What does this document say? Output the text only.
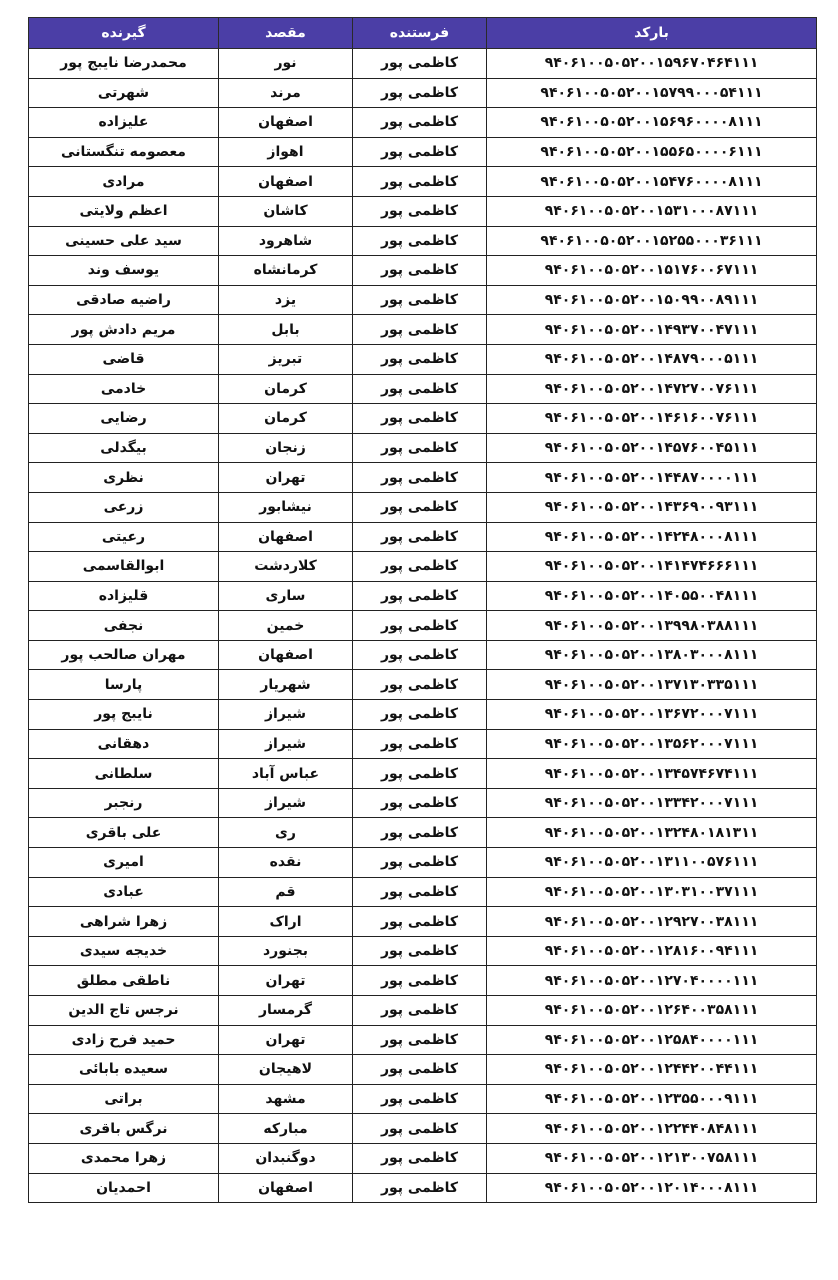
بارکد	فرستنده	مقصد	گیرنده
۹۴۰۶۱۰۰۵۰۵۲۰۰۱۵۹۶۷۰۴۶۴۱۱۱	کاظمی پور	نور	محمدرضا نایبج پور
۹۴۰۶۱۰۰۵۰۵۲۰۰۱۵۷۹۹۰۰۰۵۴۱۱۱	کاظمی پور	مرند	شهرتی
۹۴۰۶۱۰۰۵۰۵۲۰۰۱۵۶۹۶۰۰۰۰۸۱۱۱	کاظمی پور	اصفهان	علیزاده
۹۴۰۶۱۰۰۵۰۵۲۰۰۱۵۵۶۵۰۰۰۰۶۱۱۱	کاظمی پور	اهواز	معصومه تنگستانی
۹۴۰۶۱۰۰۵۰۵۲۰۰۱۵۴۷۶۰۰۰۰۸۱۱۱	کاظمی پور	اصفهان	مرادی
۹۴۰۶۱۰۰۵۰۵۲۰۰۱۵۳۱۰۰۰۸۷۱۱۱	کاظمی پور	کاشان	اعظم ولایتی
۹۴۰۶۱۰۰۵۰۵۲۰۰۱۵۲۵۵۰۰۰۳۶۱۱۱	کاظمی پور	شاهرود	سید علی حسینی
۹۴۰۶۱۰۰۵۰۵۲۰۰۱۵۱۷۶۰۰۶۷۱۱۱	کاظمی پور	کرمانشاه	یوسف وند
۹۴۰۶۱۰۰۵۰۵۲۰۰۱۵۰۹۹۰۰۸۹۱۱۱	کاظمی پور	یزد	راضیه صادقی
۹۴۰۶۱۰۰۵۰۵۲۰۰۱۴۹۳۷۰۰۴۷۱۱۱	کاظمی پور	بابل	مریم دادش پور
۹۴۰۶۱۰۰۵۰۵۲۰۰۱۴۸۷۹۰۰۰۵۱۱۱	کاظمی پور	تبریز	قاضی
۹۴۰۶۱۰۰۵۰۵۲۰۰۱۴۷۲۷۰۰۷۶۱۱۱	کاظمی پور	کرمان	خادمی
۹۴۰۶۱۰۰۵۰۵۲۰۰۱۴۶۱۶۰۰۷۶۱۱۱	کاظمی پور	کرمان	رضایی
۹۴۰۶۱۰۰۵۰۵۲۰۰۱۴۵۷۶۰۰۴۵۱۱۱	کاظمی پور	زنجان	بیگدلی
۹۴۰۶۱۰۰۵۰۵۲۰۰۱۴۴۸۷۰۰۰۰۱۱۱	کاظمی پور	تهران	نظری
۹۴۰۶۱۰۰۵۰۵۲۰۰۱۴۳۶۹۰۰۹۳۱۱۱	کاظمی پور	نیشابور	زرعی
۹۴۰۶۱۰۰۵۰۵۲۰۰۱۴۲۴۸۰۰۰۸۱۱۱	کاظمی پور	اصفهان	رعیتی
۹۴۰۶۱۰۰۵۰۵۲۰۰۱۴۱۴۷۴۶۶۶۱۱۱	کاظمی پور	کلاردشت	ابوالقاسمی
۹۴۰۶۱۰۰۵۰۵۲۰۰۱۴۰۵۵۰۰۴۸۱۱۱	کاظمی پور	ساری	قلیزاده
۹۴۰۶۱۰۰۵۰۵۲۰۰۱۳۹۹۸۰۳۸۸۱۱۱	کاظمی پور	خمین	نجفی
۹۴۰۶۱۰۰۵۰۵۲۰۰۱۳۸۰۳۰۰۰۸۱۱۱	کاظمی پور	اصفهان	مهران صالحب پور
۹۴۰۶۱۰۰۵۰۵۲۰۰۱۳۷۱۳۰۳۳۵۱۱۱	کاظمی پور	شهریار	پارسا
۹۴۰۶۱۰۰۵۰۵۲۰۰۱۳۶۷۲۰۰۰۷۱۱۱	کاظمی پور	شیراز	نایبج پور
۹۴۰۶۱۰۰۵۰۵۲۰۰۱۳۵۶۲۰۰۰۷۱۱۱	کاظمی پور	شیراز	دهقانی
۹۴۰۶۱۰۰۵۰۵۲۰۰۱۳۴۵۷۴۶۷۴۱۱۱	کاظمی پور	عباس آباد	سلطانی
۹۴۰۶۱۰۰۵۰۵۲۰۰۱۳۳۴۲۰۰۰۷۱۱۱	کاظمی پور	شیراز	رنجبر
۹۴۰۶۱۰۰۵۰۵۲۰۰۱۳۲۴۸۰۱۸۱۳۱۱	کاظمی پور	ری	علی باقری
۹۴۰۶۱۰۰۵۰۵۲۰۰۱۳۱۱۰۰۵۷۶۱۱۱	کاظمی پور	نقده	امیری
۹۴۰۶۱۰۰۵۰۵۲۰۰۱۳۰۳۱۰۰۳۷۱۱۱	کاظمی پور	قم	عبادی
۹۴۰۶۱۰۰۵۰۵۲۰۰۱۲۹۲۷۰۰۳۸۱۱۱	کاظمی پور	اراک	زهرا شراهی
۹۴۰۶۱۰۰۵۰۵۲۰۰۱۲۸۱۶۰۰۹۴۱۱۱	کاظمی پور	بجنورد	خدیجه سیدی
۹۴۰۶۱۰۰۵۰۵۲۰۰۱۲۷۰۴۰۰۰۰۱۱۱	کاظمی پور	تهران	ناطقی مطلق
۹۴۰۶۱۰۰۵۰۵۲۰۰۱۲۶۴۰۰۳۵۸۱۱۱	کاظمی پور	گرمسار	نرجس تاج الدین
۹۴۰۶۱۰۰۵۰۵۲۰۰۱۲۵۸۴۰۰۰۰۱۱۱	کاظمی پور	تهران	حمید فرح زادی
۹۴۰۶۱۰۰۵۰۵۲۰۰۱۲۴۴۲۰۰۴۴۱۱۱	کاظمی پور	لاهیجان	سعیده بابائی
۹۴۰۶۱۰۰۵۰۵۲۰۰۱۲۳۵۵۰۰۰۹۱۱۱	کاظمی پور	مشهد	براتی
۹۴۰۶۱۰۰۵۰۵۲۰۰۱۲۲۴۴۰۸۴۸۱۱۱	کاظمی پور	مبارکه	نرگس باقری
۹۴۰۶۱۰۰۵۰۵۲۰۰۱۲۱۳۰۰۷۵۸۱۱۱	کاظمی پور	دوگنبدان	زهرا محمدی
۹۴۰۶۱۰۰۵۰۵۲۰۰۱۲۰۱۴۰۰۰۸۱۱۱	کاظمی پور	اصفهان	احمدیان
